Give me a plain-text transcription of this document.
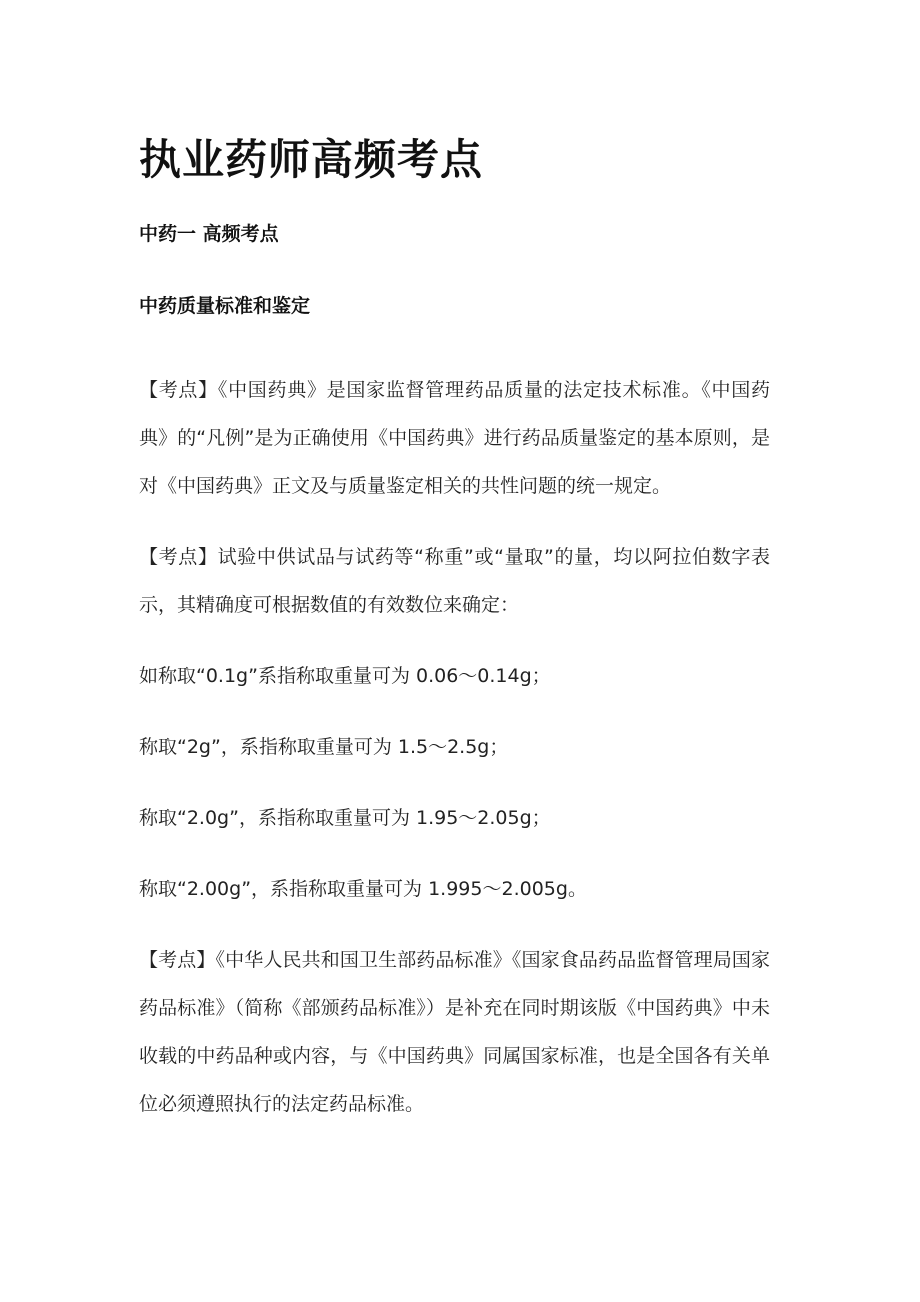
执业药师高频考点
中药一 高频考点
中药质量标准和鉴定

【考点】《中国药典》是国家监督管理药品质量的法定技术标准。《中国药典》的“凡例”是为正确使用《中国药典》进行药品质量鉴定的基本原则，是对《中国药典》正文及与质量鉴定相关的共性问题的统一规定。

【考点】试验中供试品与试药等“称重”或“量取”的量，均以阿拉伯数字表示，其精确度可根据数值的有效数位来确定：

如称取“0.1g”系指称取重量可为 0.06～0.14g；

称取“2g”，系指称取重量可为 1.5～2.5g；

称取“2.0g”，系指称取重量可为 1.95～2.05g；

称取“2.00g”，系指称取重量可为 1.995～2.005g。

【考点】《中华人民共和国卫生部药品标准》《国家食品药品监督管理局国家药品标准》（简称《部颁药品标准》）是补充在同时期该版《中国药典》中未收载的中药品种或内容，与《中国药典》同属国家标准，也是全国各有关单位必须遵照执行的法定药品标准。
